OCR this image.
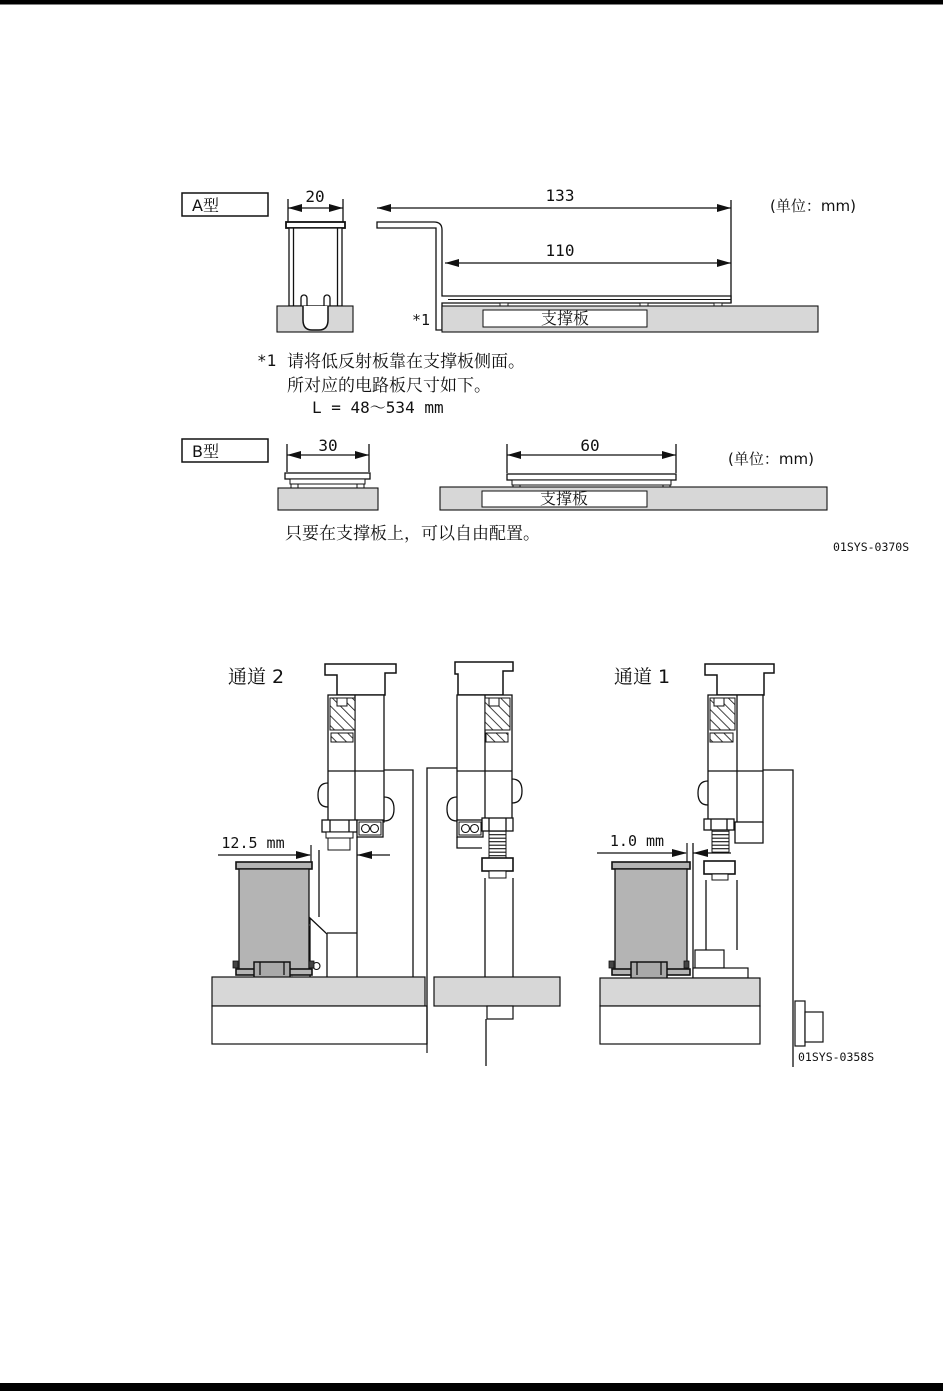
A型	20	133
110
(单位：mm)
*1	支撑板
*1 请将低反射板靠在支撑板侧面。
所对应的电路板尺寸如下。
L = 48～534 mm
B型	30	60
(单位：mm)
支撑板
只要在支撑板上，可以自由配置。
01SYS-0370S
通道 2	通道 1
12.5 mm	1.0 mm
01SYS-0358S
